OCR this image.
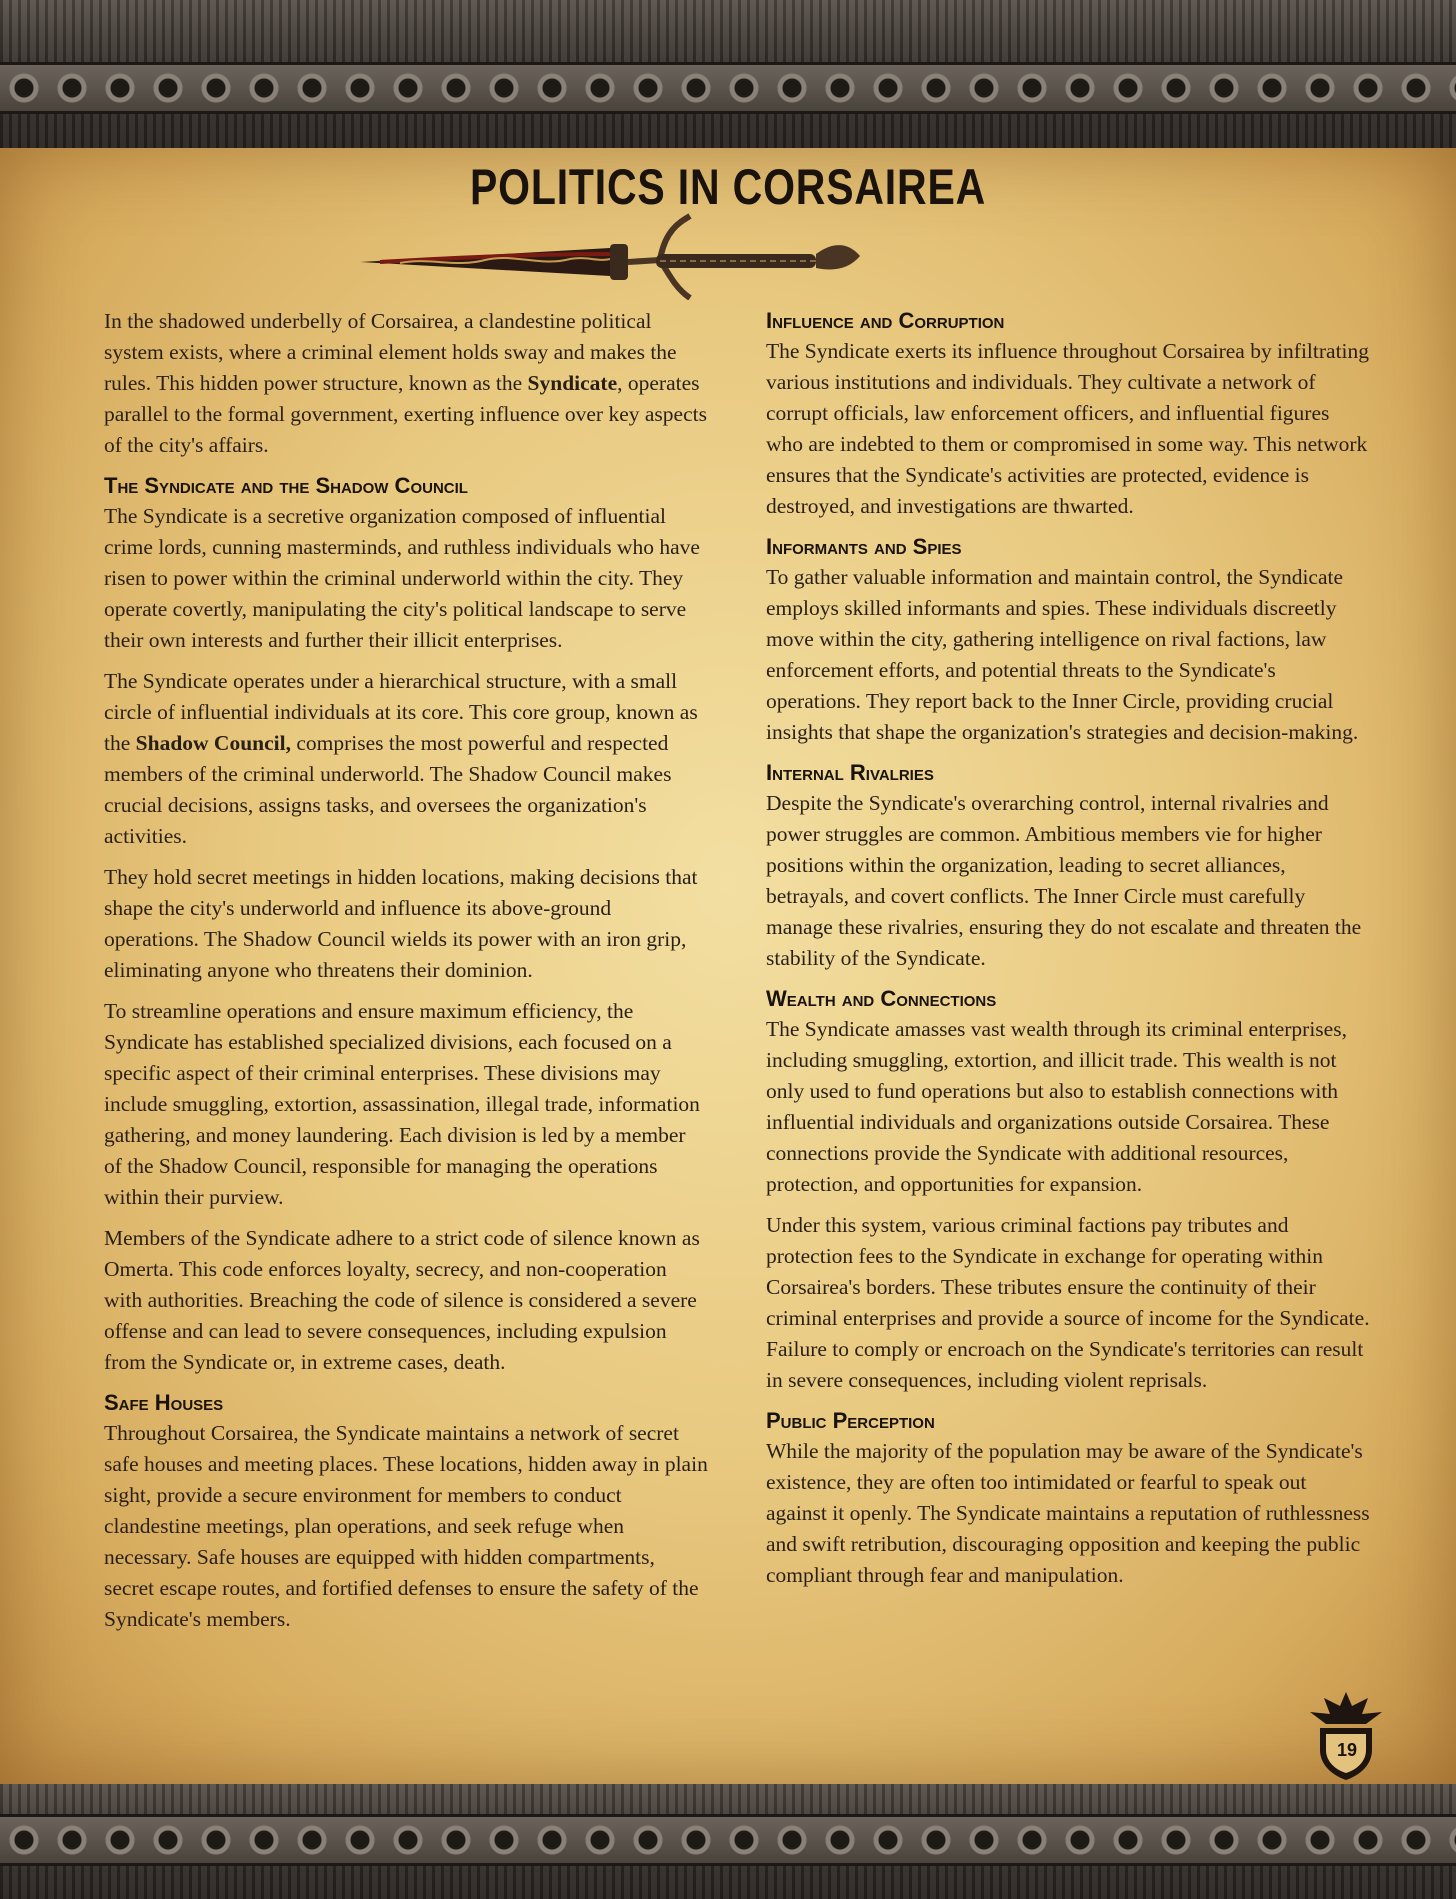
POLITICS IN CORSAIREA

In the shadowed underbelly of Corsairea, a clandestine political system exists, where a criminal element holds sway and makes the rules. This hidden power structure, known as the Syndicate, operates parallel to the formal government, exerting influence over key aspects of the city's affairs.

The Syndicate and the Shadow Council

The Syndicate is a secretive organization composed of influential crime lords, cunning masterminds, and ruthless individuals who have risen to power within the criminal underworld within the city. They operate covertly, manipulating the city's political landscape to serve their own interests and further their illicit enterprises.

The Syndicate operates under a hierarchical structure, with a small circle of influential individuals at its core. This core group, known as the Shadow Council, comprises the most powerful and respected members of the criminal underworld. The Shadow Council makes crucial decisions, assigns tasks, and oversees the organization's activities.

They hold secret meetings in hidden locations, making decisions that shape the city's underworld and influence its above-ground operations. The Shadow Council wields its power with an iron grip, eliminating anyone who threatens their dominion.

To streamline operations and ensure maximum efficiency, the Syndicate has established specialized divisions, each focused on a specific aspect of their criminal enterprises. These divisions may include smuggling, extortion, assassination, illegal trade, information gathering, and money laundering. Each division is led by a member of the Shadow Council, responsible for managing the operations within their purview.

Members of the Syndicate adhere to a strict code of silence known as Omerta. This code enforces loyalty, secrecy, and non-cooperation with authorities. Breaching the code of silence is considered a severe offense and can lead to severe consequences, including expulsion from the Syndicate or, in extreme cases, death.

Safe Houses

Throughout Corsairea, the Syndicate maintains a network of secret safe houses and meeting places. These locations, hidden away in plain sight, provide a secure environment for members to conduct clandestine meetings, plan operations, and seek refuge when necessary. Safe houses are equipped with hidden compartments, secret escape routes, and fortified defenses to ensure the safety of the Syndicate's members.

Influence and Corruption

The Syndicate exerts its influence throughout Corsairea by infiltrating various institutions and individuals. They cultivate a network of corrupt officials, law enforcement officers, and influential figures who are indebted to them or compromised in some way. This network ensures that the Syndicate's activities are protected, evidence is destroyed, and investigations are thwarted.

Informants and Spies

To gather valuable information and maintain control, the Syndicate employs skilled informants and spies. These individuals discreetly move within the city, gathering intelligence on rival factions, law enforcement efforts, and potential threats to the Syndicate's operations. They report back to the Inner Circle, providing crucial insights that shape the organization's strategies and decision-making.

Internal Rivalries

Despite the Syndicate's overarching control, internal rivalries and power struggles are common. Ambitious members vie for higher positions within the organization, leading to secret alliances, betrayals, and covert conflicts. The Inner Circle must carefully manage these rivalries, ensuring they do not escalate and threaten the stability of the Syndicate.

Wealth and Connections

The Syndicate amasses vast wealth through its criminal enterprises, including smuggling, extortion, and illicit trade. This wealth is not only used to fund operations but also to establish connections with influential individuals and organizations outside Corsairea. These connections provide the Syndicate with additional resources, protection, and opportunities for expansion.

Under this system, various criminal factions pay tributes and protection fees to the Syndicate in exchange for operating within Corsairea's borders. These tributes ensure the continuity of their criminal enterprises and provide a source of income for the Syndicate. Failure to comply or encroach on the Syndicate's territories can result in severe consequences, including violent reprisals.

Public Perception

While the majority of the population may be aware of the Syndicate's existence, they are often too intimidated or fearful to speak out against it openly. The Syndicate maintains a reputation of ruthlessness and swift retribution, discouraging opposition and keeping the public compliant through fear and manipulation.

19
